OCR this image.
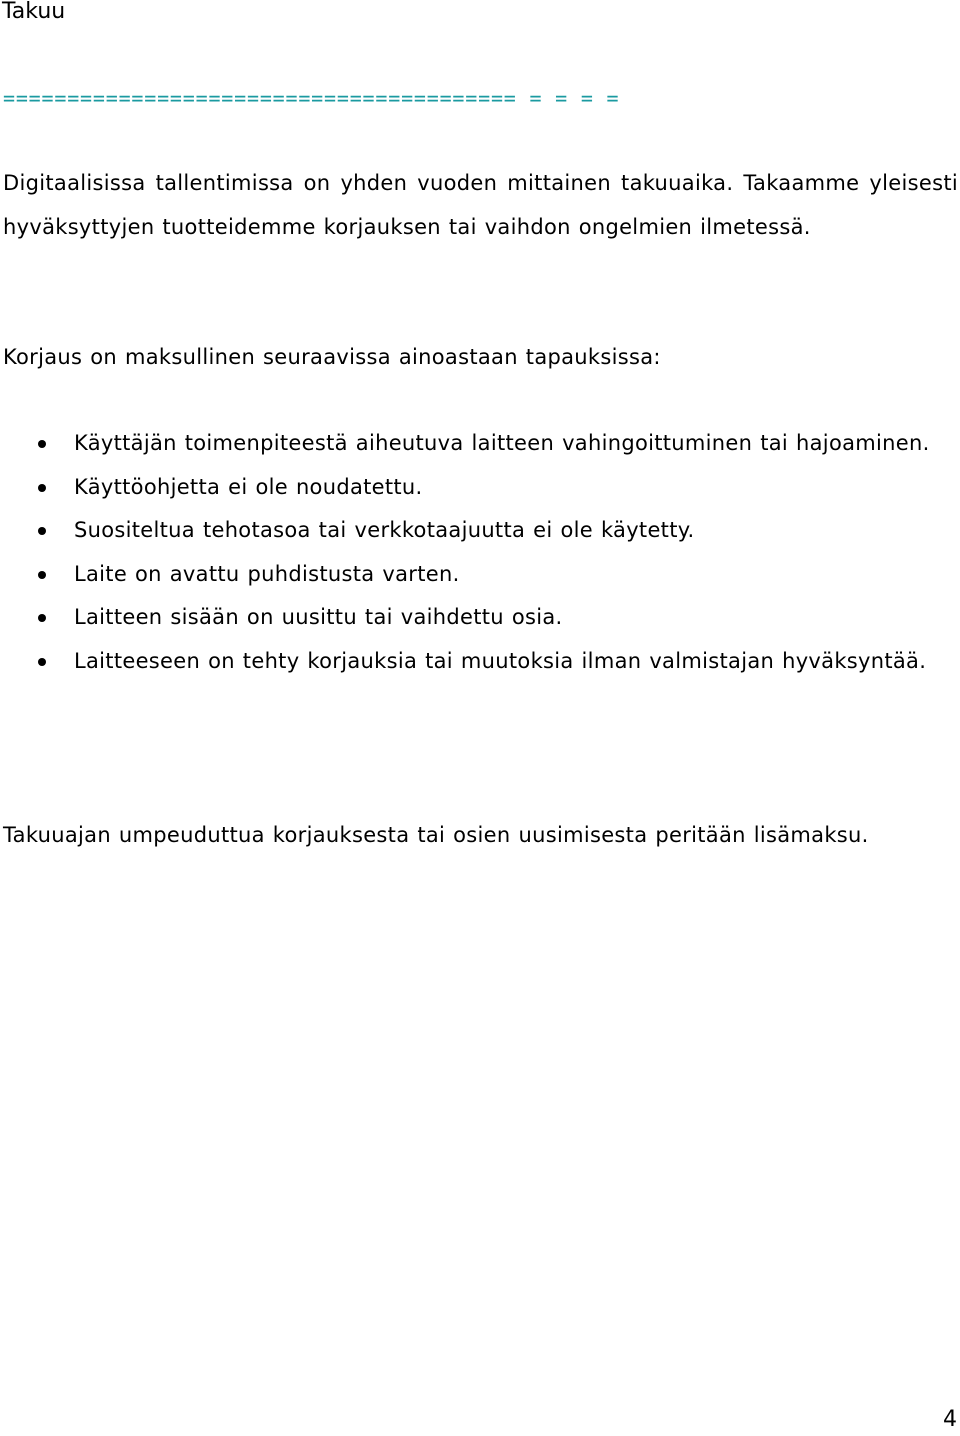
Takuu
======================================== = = = =

Digitaalisissa tallentimissa on yhden vuoden mittainen takuuaika. Takaamme yleisesti hyväksyttyjen tuotteidemme korjauksen tai vaihdon ongelmien ilmetessä.

Korjaus on maksullinen seuraavissa ainoastaan tapauksissa:

Käyttäjän toimenpiteestä aiheutuva laitteen vahingoittuminen tai hajoaminen.
Käyttöohjetta ei ole noudatettu.
Suositeltua tehotasoa tai verkkotaajuutta ei ole käytetty.
Laite on avattu puhdistusta varten.
Laitteen sisään on uusittu tai vaihdettu osia.
Laitteeseen on tehty korjauksia tai muutoksia ilman valmistajan hyväksyntää.

Takuuajan umpeuduttua korjauksesta tai osien uusimisesta peritään lisämaksu.

4
